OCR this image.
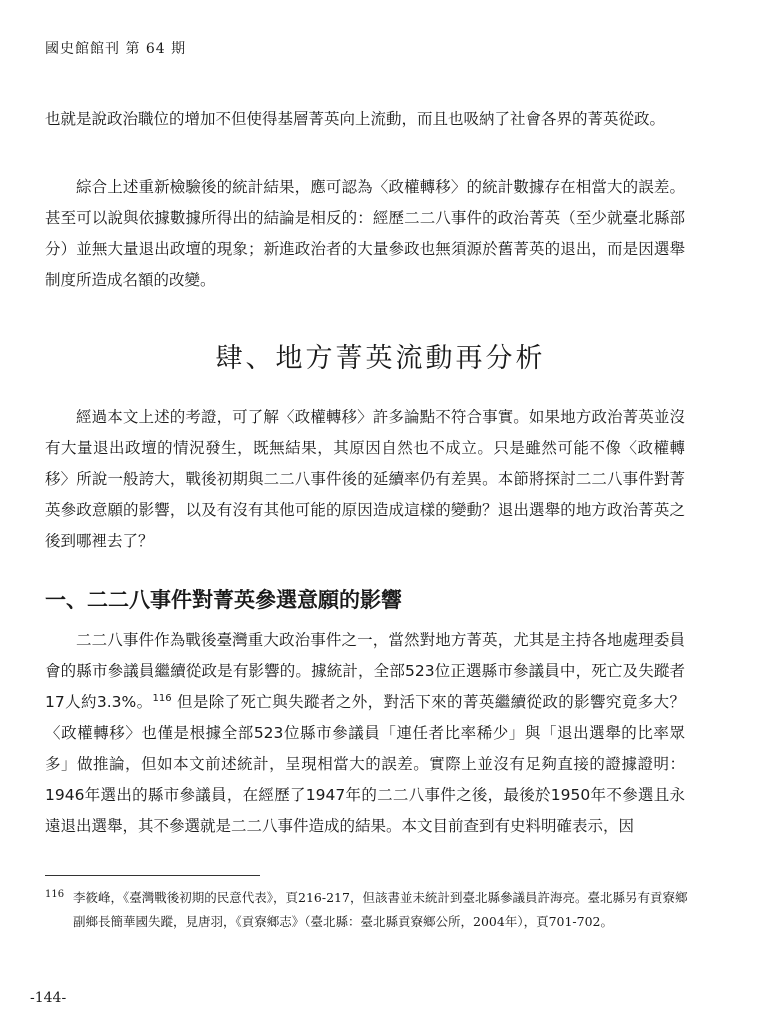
國史館館刊 第 64 期

也就是說政治職位的增加不但使得基層菁英向上流動，而且也吸納了社會各界的菁英從政。

綜合上述重新檢驗後的統計結果，應可認為〈政權轉移〉的統計數據存在相當大的誤差。甚至可以說與依據數據所得出的結論是相反的：經歷二二八事件的政治菁英（至少就臺北縣部分）並無大量退出政壇的現象；新進政治者的大量參政也無須源於舊菁英的退出，而是因選舉制度所造成名額的改變。

肆、地方菁英流動再分析

經過本文上述的考證，可了解〈政權轉移〉許多論點不符合事實。如果地方政治菁英並沒有大量退出政壇的情況發生，既無結果，其原因自然也不成立。只是雖然可能不像〈政權轉移〉所說一般誇大，戰後初期與二二八事件後的延續率仍有差異。本節將探討二二八事件對菁英參政意願的影響，以及有沒有其他可能的原因造成這樣的變動？退出選舉的地方政治菁英之後到哪裡去了？

一、二二八事件對菁英參選意願的影響

二二八事件作為戰後臺灣重大政治事件之一，當然對地方菁英，尤其是主持各地處理委員會的縣市參議員繼續從政是有影響的。據統計，全部523位正選縣市參議員中，死亡及失蹤者17人約3.3%。$^{116}$ 但是除了死亡與失蹤者之外，對活下來的菁英繼續從政的影響究竟多大？〈政權轉移〉也僅是根據全部523位縣市參議員「連任者比率稀少」與「退出選舉的比率眾多」做推論，但如本文前述統計，呈現相當大的誤差。實際上並沒有足夠直接的證據證明：1946年選出的縣市參議員，在經歷了1947年的二二八事件之後，最後於1950年不參選且永遠退出選舉，其不參選就是二二八事件造成的結果。本文目前查到有史料明確表示，因

116 李筱峰，《臺灣戰後初期的民意代表》，頁216-217，但該書並未統計到臺北縣參議員許海亮。臺北縣另有貢寮鄉副鄉長簡華國失蹤，見唐羽，《貢寮鄉志》（臺北縣：臺北縣貢寮鄉公所，2004年），頁701-702。
-144-
